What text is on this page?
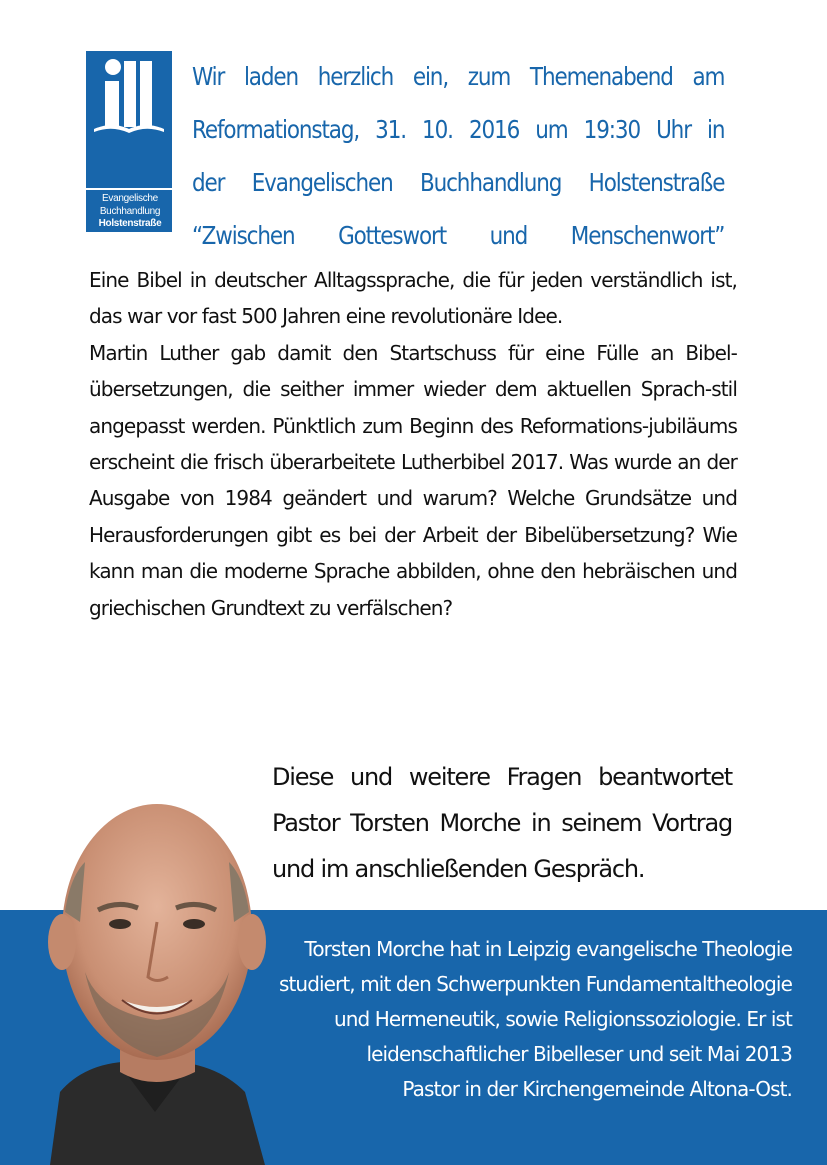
Evangelische
Buchhandlung
Holstenstraße
Wir laden herzlich ein, zum Themenabend am
Reformationstag, 31. 10. 2016 um 19:30 Uhr in
der Evangelischen Buchhandlung Holstenstraße
“Zwischen Gotteswort und Menschenwort”

Eine Bibel in deutscher Alltagssprache, die für jeden verständlich ist, das war vor fast 500 Jahren eine revolutionäre Idee.

Martin Luther gab damit den Startschuss für eine Fülle an Bibel-übersetzungen, die seither immer wieder dem aktuellen Sprach-stil angepasst werden. Pünktlich zum Beginn des Reformations-jubiläums erscheint die frisch überarbeitete Lutherbibel 2017. Was wurde an der Ausgabe von 1984 geändert und warum? Welche Grundsätze und Herausforderungen gibt es bei der Arbeit der Bibelübersetzung? Wie kann man die moderne Sprache abbilden, ohne den hebräischen und griechischen Grundtext zu verfälschen?

Diese und weitere Fragen beantwortet Pastor Torsten Morche in seinem Vortrag und im anschließenden Gespräch.
Torsten Morche hat in Leipzig evangelische Theologie
studiert, mit den Schwerpunkten Fundamentaltheologie
und Hermeneutik, sowie Religionssoziologie. Er ist
leidenschaftlicher Bibelleser und seit Mai 2013
Pastor in der Kirchengemeinde Altona-Ost.
